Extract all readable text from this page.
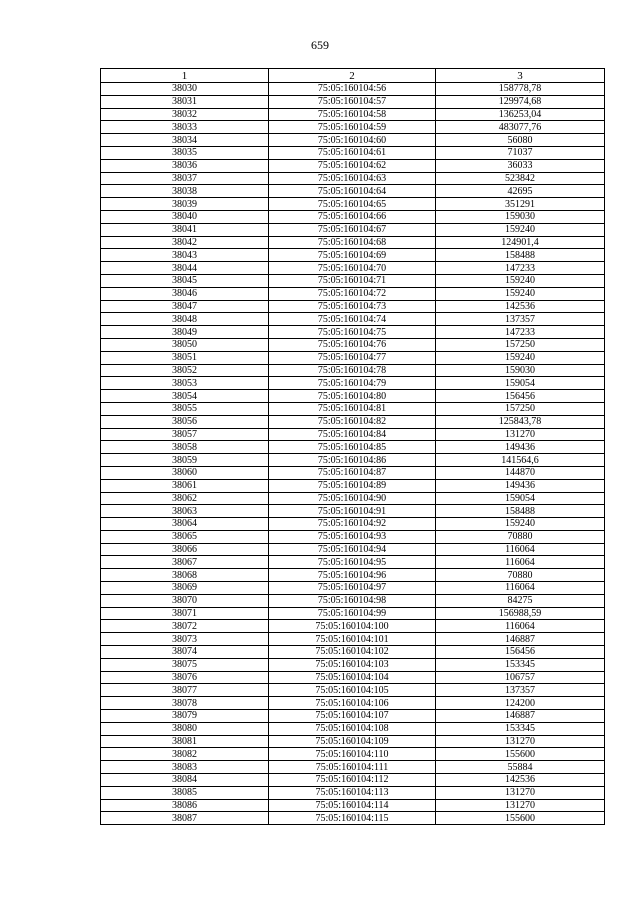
659
1	2	3
38030	75:05:160104:56	158778,78
38031	75:05:160104:57	129974,68
38032	75:05:160104:58	136253,04
38033	75:05:160104:59	483077,76
38034	75:05:160104:60	56080
38035	75:05:160104:61	71037
38036	75:05:160104:62	36033
38037	75:05:160104:63	523842
38038	75:05:160104:64	42695
38039	75:05:160104:65	351291
38040	75:05:160104:66	159030
38041	75:05:160104:67	159240
38042	75:05:160104:68	124901,4
38043	75:05:160104:69	158488
38044	75:05:160104:70	147233
38045	75:05:160104:71	159240
38046	75:05:160104:72	159240
38047	75:05:160104:73	142536
38048	75:05:160104:74	137357
38049	75:05:160104:75	147233
38050	75:05:160104:76	157250
38051	75:05:160104:77	159240
38052	75:05:160104:78	159030
38053	75:05:160104:79	159054
38054	75:05:160104:80	156456
38055	75:05:160104:81	157250
38056	75:05:160104:82	125843,78
38057	75:05:160104:84	131270
38058	75:05:160104:85	149436
38059	75:05:160104:86	141564,6
38060	75:05:160104:87	144870
38061	75:05:160104:89	149436
38062	75:05:160104:90	159054
38063	75:05:160104:91	158488
38064	75:05:160104:92	159240
38065	75:05:160104:93	70880
38066	75:05:160104:94	116064
38067	75:05:160104:95	116064
38068	75:05:160104:96	70880
38069	75:05:160104:97	116064
38070	75:05:160104:98	84275
38071	75:05:160104:99	156988,59
38072	75:05:160104:100	116064
38073	75:05:160104:101	146887
38074	75:05:160104:102	156456
38075	75:05:160104:103	153345
38076	75:05:160104:104	106757
38077	75:05:160104:105	137357
38078	75:05:160104:106	124200
38079	75:05:160104:107	146887
38080	75:05:160104:108	153345
38081	75:05:160104:109	131270
38082	75:05:160104:110	155600
38083	75:05:160104:111	55884
38084	75:05:160104:112	142536
38085	75:05:160104:113	131270
38086	75:05:160104:114	131270
38087	75:05:160104:115	155600
